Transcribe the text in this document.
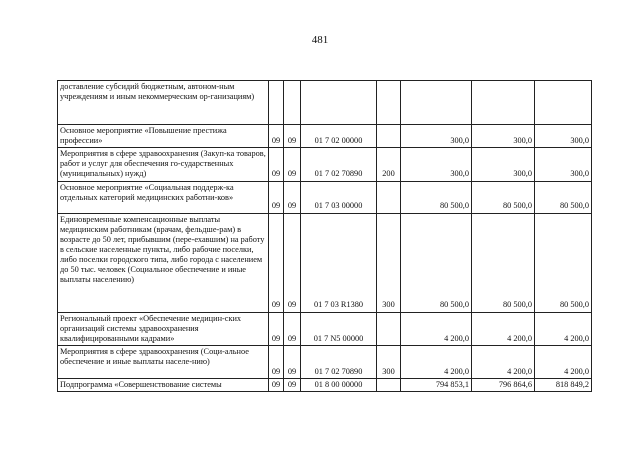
481
доставление субсидий бюджетным, автоном-ным учреждениям и иным некоммерческим ор-ганизациям)							
Основное мероприятие «Повышение престижа профессии»	09	09	01 7 02 00000		300,0	300,0	300,0
Мероприятия в сфере здравоохранения (Закуп-ка товаров, работ и услуг для обеспечения го-сударственных (муниципальных) нужд)	09	09	01 7 02 70890	200	300,0	300,0	300,0
Основное мероприятие «Социальная поддерж-ка отдельных категорий медицинских работни-ков»	09	09	01 7 03 00000		80 500,0	80 500,0	80 500,0
Единовременные компенсационные выплаты медицинским работникам (врачам, фельдше-рам) в возрасте до 50 лет, прибывшим (пере-ехавшим) на работу в сельские населенные пункты, либо рабочие поселки, либо поселки городского типа, либо города с населением до 50 тыс. человек (Социальное обеспечение и иные выплаты населению)	09	09	01 7 03 R1380	300	80 500,0	80 500,0	80 500,0
Региональный проект «Обеспечение медицин-ских организаций системы здравоохранения квалифицированными кадрами»	09	09	01 7 N5 00000		4 200,0	4 200,0	4 200,0
Мероприятия в сфере здравоохранения (Соци-альное обеспечение и иные выплаты населе-нию)	09	09	01 7 02 70890	300	4 200,0	4 200,0	4 200,0
Подпрограмма «Совершенствование системы	09	09	01 8 00 00000		794 853,1	796 864,6	818 849,2
